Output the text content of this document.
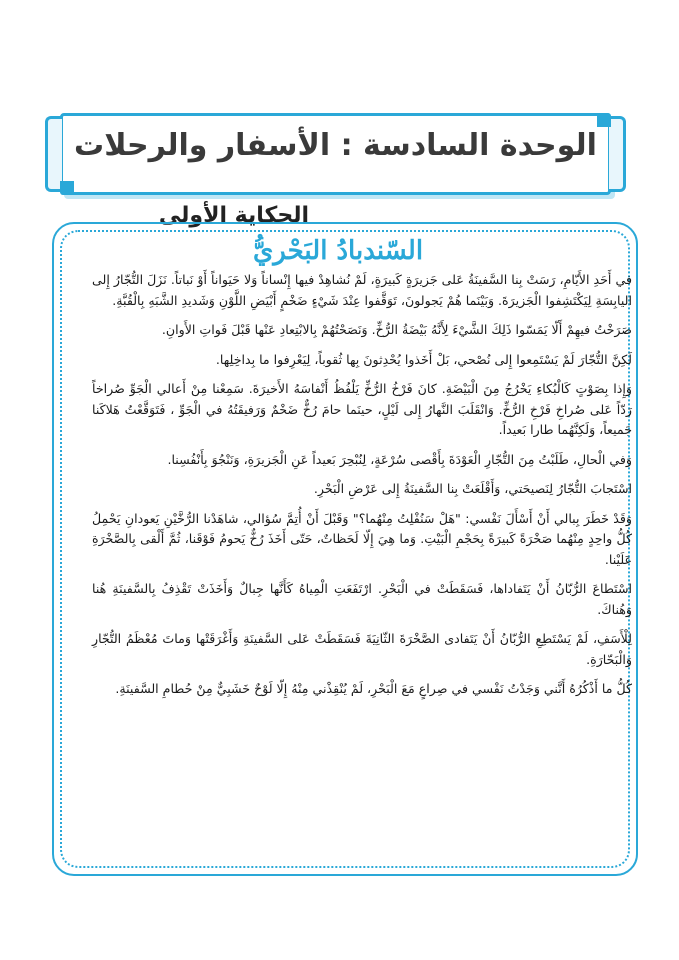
الوحدة السادسة : الأسفار والرحلات
الحكاية الأولى
السّندبادُ البَحْريُّ

في أَحَدِ الأَيّامِ، رَسَتْ بِنا السَّفينَةُ عَلى جَزيرَةٍ كَبيرَةٍ، لَمْ نُشاهِدْ فيها إِنْساناً وَلا حَيَواناً أَوْ نَباتاً. نَزَلَ التُّجّارُ إِلى اليابِسَةِ لِيَكْتَشِفوا الْجَزيرَةَ. وَبَيْنَما هُمْ يَجولونَ، تَوَقَّفوا عِنْدَ شَيْءٍ ضَخْمٍ أَبْيَضِ اللَّوْنِ وَشَديدِ الشَّبَهِ بِالْقُبَّةِ.

صَرَخْتُ فيهِمْ أَلّا يَمَسّوا ذَلِكَ الشَّيْءَ لِأَنَّهُ بَيْضَةُ الرُّخِّ. وَنَصَحْتُهُمْ بِالابْتِعادِ عَنْها قَبْلَ فَواتِ الأَوانِ.

لَكِنَّ التُّجّارَ لَمْ يَسْتَمِعوا إِلى نُصْحي، بَلْ أَخَذوا يُحْدِثونَ بِها ثُقوباً، لِيَعْرِفوا ما بِداخِلِها.

وَإِذا بِصَوْتٍ كَالْبُكاءِ يَخْرُجُ مِنَ الْبَيْضَةِ. كانَ فَرْخُ الرُّخِّ يَلْفُظُ أَنْفاسَهُ الأَخيرَةَ. سَمِعْنا مِنْ أَعالي الْجَوِّ صُراخاً رَدّاً عَلى صُراخِ فَرْخِ الرُّخِّ. وَانْقَلَبَ النَّهارُ إِلى لَيْلٍ، حينَما حامَ رُخٌّ ضَخْمٌ وَرَفيقَتُهُ في الْجَوِّ ، فَتَوَقَّعْتُ هَلاكَنا جَميعاً، وَلَكِنَّهُما طارا بَعيداً.

وَفي الْحالِ، طَلَبْتُ مِنَ التُّجّارِ الْعَوْدَةَ بِأَقْصى سُرْعَةٍ، لِنُبْحِرَ بَعيداً عَنِ الْجَزيرَةِ، وَنَنْجُوَ بِأَنْفُسِنا.

اسْتَجابَ التُّجّارُ لِنَصيحَتي، وَأَقْلَعَتْ بِنا السَّفينَةُ إِلى عَرْضِ الْبَحْرِ.

وَقَدْ خَطَرَ بِبالي أَنْ أَسْأَلَ نَفْسي: "هَلْ سَنُفْلِتُ مِنْهُما؟" وَقَبْلَ أَنْ أُتِمَّ سُؤالي، شاهَدْنا الرُّخَّيْنِ يَعودانِ يَحْمِلُ كُلُّ واحِدٍ مِنْهُما صَخْرَةً كَبيرَةً بِحَجْمِ الْبَيْتِ. وَما هِيَ إِلّا لَحَظاتٌ، حَتّى أَخَذَ رُخٌّ يَحومُ فَوْقَنا، ثُمَّ أَلْقى بِالصَّخْرَةِ عَلَيْنا.

اسْتَطاعَ الرُّبّانُ أَنْ يَتَفاداها، فَسَقَطَتْ في الْبَحْرِ. ارْتَفَعَتِ الْمِياهُ كَأَنَّها جِبالٌ وَأَخَذَتْ تَقْذِفُ بِالسَّفينَةِ هُنا وَهُناكَ.

لِلْأَسَفِ، لَمْ يَسْتَطِعِ الرُّبّانُ أَنْ يَتَفادى الصَّخْرَةَ الثّانِيَةَ فَسَقَطَتْ عَلى السَّفينَةِ وَأَغْرَقَتْها وَماتَ مُعْظَمُ التُّجّارِ وَالْبَحّارَةِ.

كُلُّ ما أَذْكُرُهُ أَنَّني وَجَدْتُ نَفْسي في صِراعٍ مَعَ الْبَحْرِ، لَمْ يُنْقِذْني مِنْهُ إِلّا لَوْحٌ خَشَبِيٌّ مِنْ حُطامِ السَّفينَةِ.
